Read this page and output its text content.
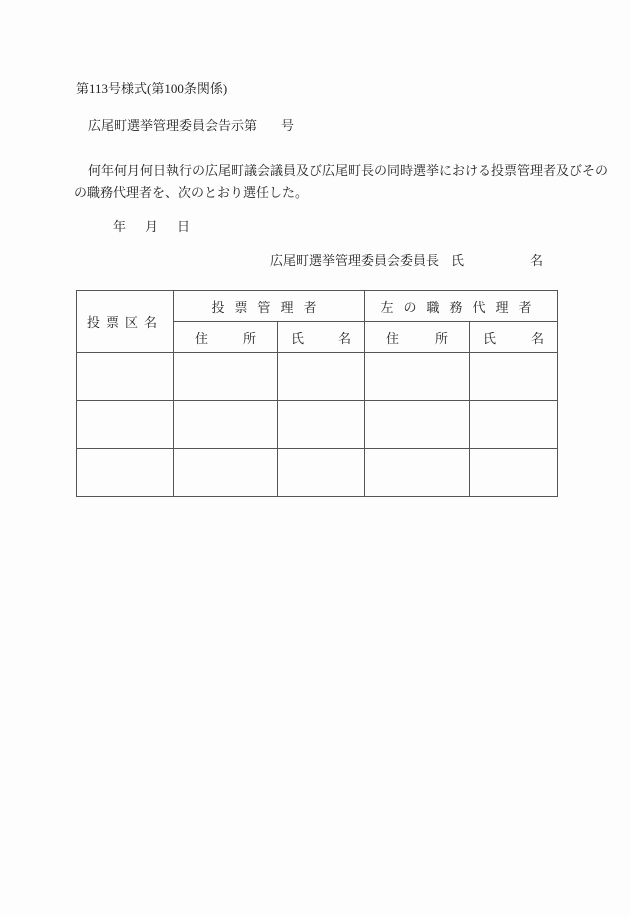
第113号様式(第100条関係)
広尾町選挙管理委員会告示第 号
何年何月何日執行の広尾町議会議員及び広尾町長の同時選挙における投票管理者及びその
の職務代理者を、次のとおり選任した。
年 月 日
広尾町選挙管理委員会委員長 氏	名
投票区名	投票管理者		左の職務代理者	

	住 所	氏 名	住 所	氏 名
